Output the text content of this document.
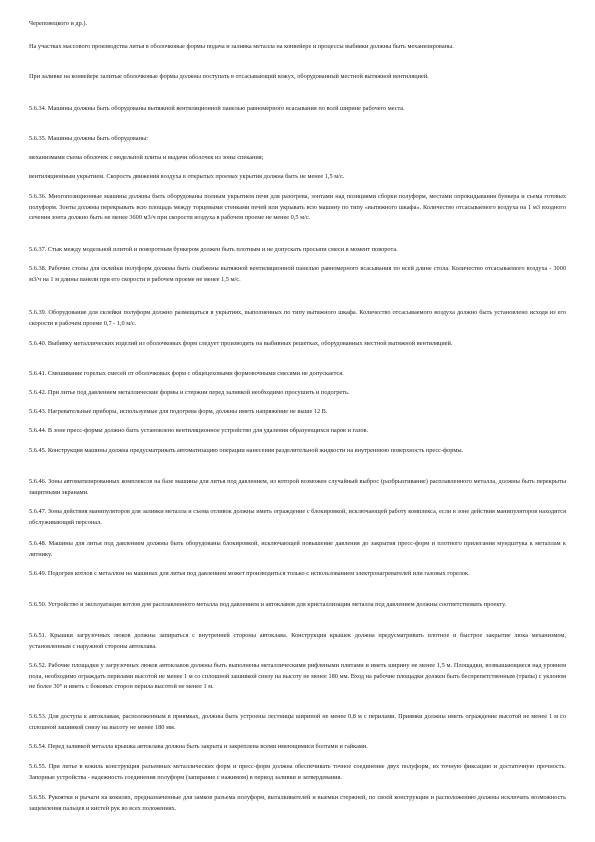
Череповецкого и др.).

На участках массового производства литья в оболочковые формы подача и заливка металла на конвейере и процессы выбивки должны быть механизированы.

При заливке на конвейере залитые оболочковые формы должны поступать в отсасывающий кожух, оборудованный местной вытяжной вентиляцией.

5.6.34. Машины должны быть оборудованы вытяжной вентиляционной панелью равномерного всасывания по всей ширине рабочего места.

5.6.35. Машины должны быть оборудованы:

механизмами съема оболочек с модельной плиты и выдачи оболочек из зоны спекания;

вентиляционным укрытием. Скорость движения воздуха в открытых проемах укрытия должна быть не менее 1,5 м/с.

5.6.36. Многопозиционные машины должны быть оборудованы полным укрытием печи для разогрева, зонтами над позициями сборки полуформ, местами опрокидывания бункера и съема готовых полуформ. Зонты должны перекрывать всю площадь между торцевыми стенками печей или укрывать всю машину по типу «вытяжного шкафа». Количество отсасываемого воздуха на 1 м3 входного сечения зонта должно быть не менее 3600 м3/ч при скорости воздуха в рабочем проеме не менее 0,5 м/с.

5.6.37. Стык между модельной плитой и поворотным бункером должен быть плотным и не допускать просыпи смеси в момент поворота.

5.6.38. Рабочие столы для склейки полуформ должны быть снабжены вытяжной вентиляционной панелью равномерного всасывания по всей длине стола. Количество отсасываемого воздуха - 3000 м3/ч на 1 м длины панели при его скорости в рабочем проеме не менее 1,5 м/с.

5.6.39. Оборудование для склейки полуформ должно размещаться в укрытиях, выполненных по типу вытяжного шкафа. Количество отсасываемого воздуха должно быть установлено исходя из его скорости в рабочем проеме 0,7 - 1,0 м/с.

5.6.40. Выбивку металлических изделий из оболочковых форм следует производить на выбивных решетках, оборудованных местной вытяжной вентиляцией.

5.6.41. Смешивание горелых смесей от оболочковых форм с общецеховыми формовочными смесями не допускается.

5.6.42. При литье под давлением металлические формы и стержни перед заливкой необходимо просушить и подогреть.

5.6.43. Нагревательные приборы, используемые для подогрева форм, должны иметь напряжение не выше 12 В.

5.6.44. В зоне пресс-формы должно быть установлено вентиляционное устройство для удаления образующихся паров и газов.

5.6.45. Конструкция машины должна предусматривать автоматизацию операции нанесения разделительной жидкости на внутреннюю поверхность пресс-формы.

5.6.46. Зоны автоматизированных комплексов на базе машины для литья под давлением, из которой возможен случайный выброс (разбрызгивание) расплавленного металла, должны быть перекрыты защитными экранами.

5.6.47. Зоны действия манипуляторов для заливки металла и съема отливок должны иметь ограждение с блокировкой, исключающей работу комплекса, если в зоне действия манипуляторов находится обслуживающий персонал.

5.6.48. Машины для литья под давлением должны быть оборудованы блокировкой, исключающей повышение давления до закрытия пресс-форм и плотного прилегания мундштука к металлам к литнику.

5.6.49. Подогрев котлов с металлом на машинах для литья под давлением может производиться только с использованием электронагревателей или газовых горелок.

5.6.50. Устройство и эксплуатация котлов для расплавленного металла под давлением и автоклавов для кристаллизации металла под давлением должны соответствовать проекту.

5.6.51. Крышки загрузочных люков должны запираться с внутренней стороны автоклава. Конструкция крышек должна предусматривать плотное и быстрое закрытие люка механизмом, установленным с наружной стороны автоклава.

5.6.52. Рабочие площадки у загрузочных люков автоклавов должны быть выполнены металлическими рифлеными плитами и иметь ширину не менее 1,5 м. Площадки, возвышающиеся над уровнем пола, необходимо ограждать перилами высотой не менее 1 м со сплошной зашивкой снизу на высоту не менее 180 мм. Вход на рабочие площадки должен быть беспрепятственным (трапы) с уклоном не более 30° и иметь с боковых сторон перила высотой не менее 1 м.

5.6.53. Для доступа к автоклавам, расположенным в приямках, должны быть устроены лестницы шириной не менее 0,8 м с перилами. Приямки должны иметь ограждение высотой не менее 1 м со сплошной зашивкой снизу на высоту не менее 180 мм.

5.6.54. Перед заливкой металла крышка автоклава должна быть закрыта и закреплена всеми имеющимися болтами и гайками.

5.6.55. При литье в кокиль конструкция разъемных металлических форм и пресс-форм должна обеспечивать точное соединение двух полуформ, их точную фиксацию и достаточную прочность. Запорные устройства - надежность соединения полуформ (запирание с нажимом) в период заливки и затвердевания.

5.6.56. Рукоятки и рычаги на кокилях, предназначенные для замков разъема полуформ, выталкивателей и выемки стержней, по своей конструкции и расположению должны исключать возможность защемления пальцев и кистей рук во всех положениях.
